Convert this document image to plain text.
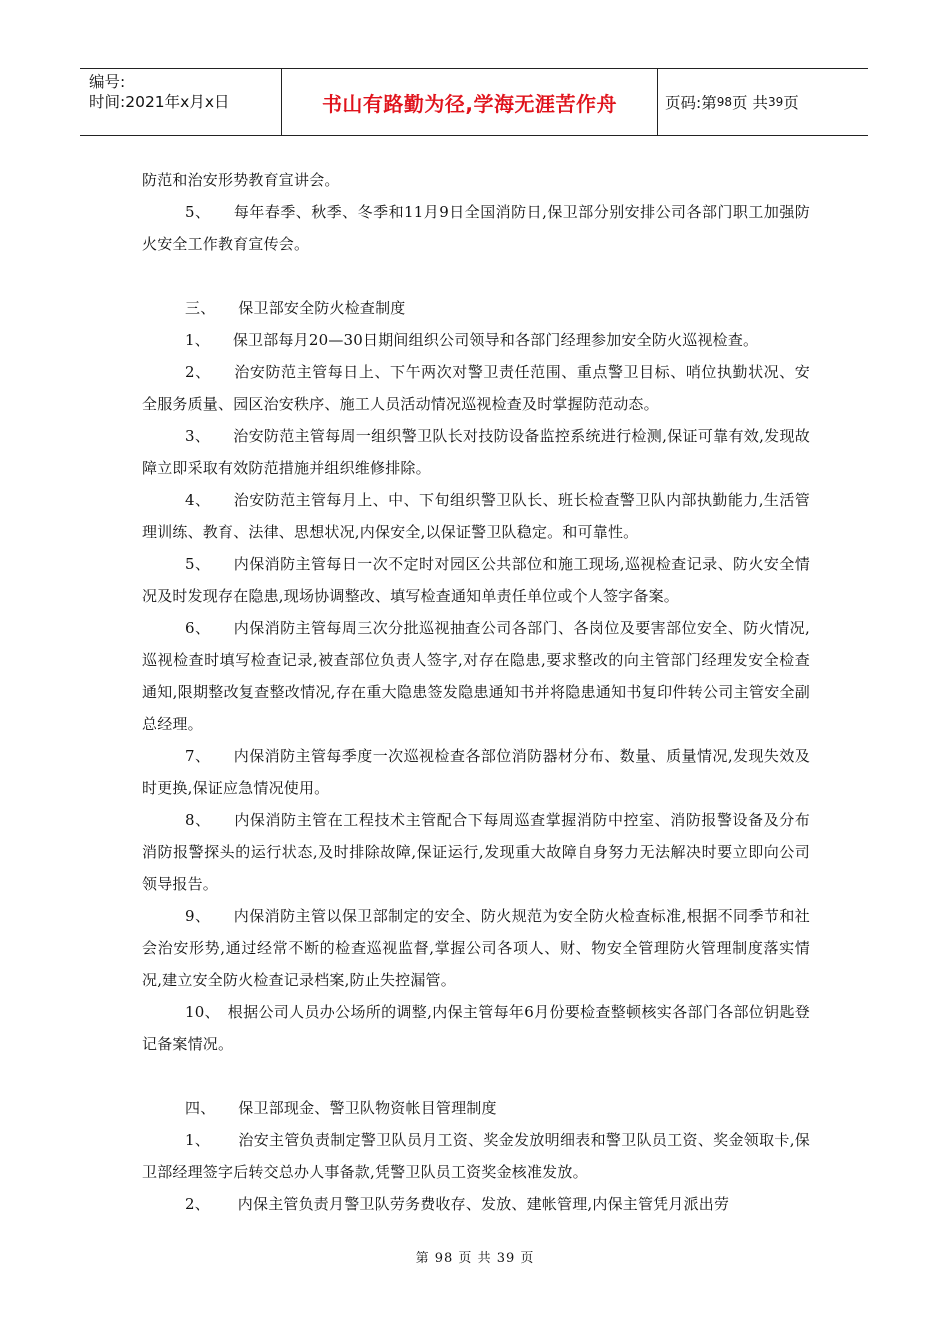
编号:
时间:2021年x月x日	书山有路勤为径,学海无涯苦作舟	页码:第 98 页 共 39 页

防范和治安形势教育宣讲会。

5、　　每年春季、秋季、冬季和11月9日全国消防日,保卫部分别安排公司各部门职工加强防火安全工作教育宣传会。

三、　　保卫部安全防火检查制度

1、　　保卫部每月20—30日期间组织公司领导和各部门经理参加安全防火巡视检查。

2、　　治安防范主管每日上、下午两次对警卫责任范围、重点警卫目标、哨位执勤状况、安全服务质量、园区治安秩序、施工人员活动情况巡视检查及时掌握防范动态。

3、　　治安防范主管每周一组织警卫队长对技防设备监控系统进行检测,保证可靠有效,发现故障立即采取有效防范措施并组织维修排除。

4、　　治安防范主管每月上、中、下旬组织警卫队长、班长检查警卫队内部执勤能力,生活管理训练、教育、法律、思想状况,内保安全,以保证警卫队稳定。和可靠性。

5、　　内保消防主管每日一次不定时对园区公共部位和施工现场,巡视检查记录、防火安全情况及时发现存在隐患,现场协调整改、填写检查通知单责任单位或个人签字备案。

6、　　内保消防主管每周三次分批巡视抽查公司各部门、各岗位及要害部位安全、防火情况,巡视检查时填写检查记录,被查部位负责人签字,对存在隐患,要求整改的向主管部门经理发安全检查通知,限期整改复查整改情况,存在重大隐患签发隐患通知书并将隐患通知书复印件转公司主管安全副总经理。

7、　　内保消防主管每季度一次巡视检查各部位消防器材分布、数量、质量情况,发现失效及时更换,保证应急情况使用。

8、　　内保消防主管在工程技术主管配合下每周巡查掌握消防中控室、消防报警设备及分布消防报警探头的运行状态,及时排除故障,保证运行,发现重大故障自身努力无法解决时要立即向公司领导报告。

9、　　内保消防主管以保卫部制定的安全、防火规范为安全防火检查标准,根据不同季节和社会治安形势,通过经常不断的检查巡视监督,掌握公司各项人、财、物安全管理防火管理制度落实情况,建立安全防火检查记录档案,防止失控漏管。

10、　根据公司人员办公场所的调整,内保主管每年6月份要检查整顿核实各部门各部位钥匙登记备案情况。

四、　　保卫部现金、警卫队物资帐目管理制度

1、　　 治安主管负责制定警卫队员月工资、奖金发放明细表和警卫队员工资、奖金领取卡,保卫部经理签字后转交总办人事备款,凭警卫队员工资奖金核准发放。

2、　　 内保主管负责月警卫队劳务费收存、发放、建帐管理,内保主管凭月派出劳

第 98 页 共 39 页
